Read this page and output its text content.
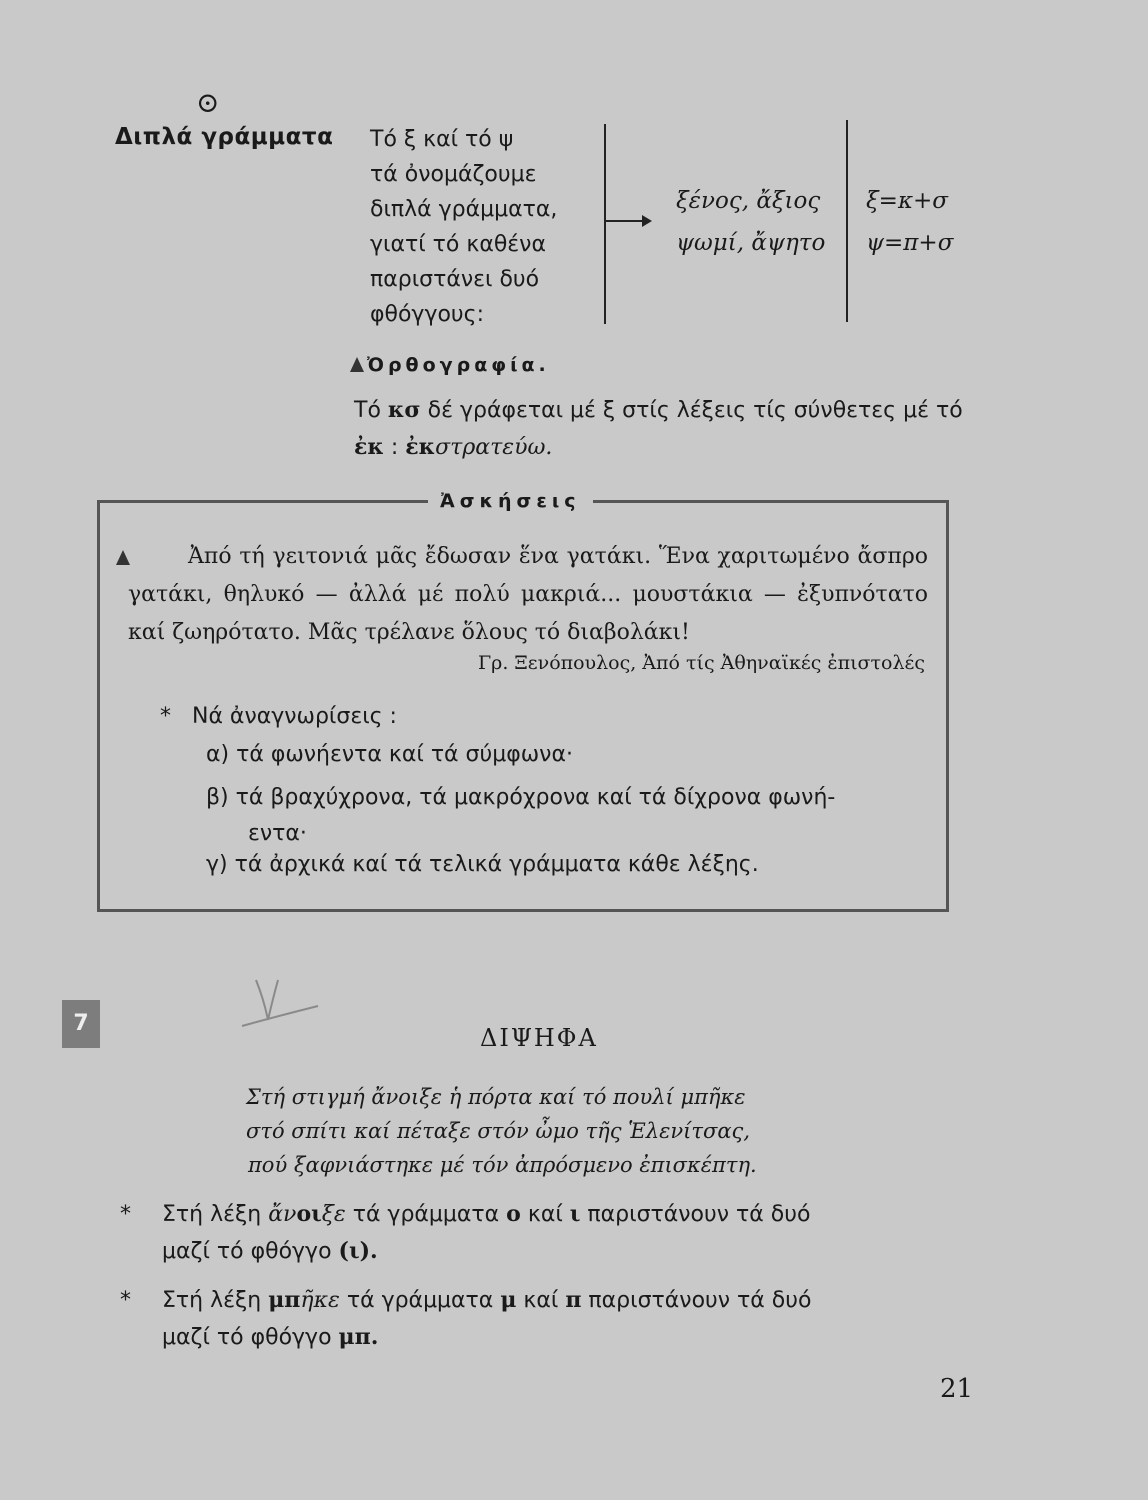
⊙
Διπλά γράμματα Τό ξ καί τό ψ
τά ὀνομάζουμε
διπλά γράμματα,
γιατί τό καθένα
παριστάνει δυό
φθόγγους:
ξένος, ἄξιος
ψωμί, ἄψητο
ξ=κ+σ
ψ=π+σ
Ὀρθογραφία.
Τό κσ δέ γράφεται μέ ξ στίς λέξεις τίς σύνθετες μέ τό ἐκ : ἐκστρατεύω.
Ἀσκήσεις
Ἀπό τή γειτονιά μᾶς ἔδωσαν ἕνα γατάκι. Ἕνα χαριτωμένο ἄσπρο γατάκι, θηλυκό — ἀλλά μέ πολύ μακριά... μουστάκια — ἐξυπνότατο καί ζωηρότατο. Μᾶς τρέλανε ὅλους τό διαβολάκι!
Γρ. Ξενόπουλος, Ἀπό τίς Ἀθηναϊκές ἐπιστολές
* Νά ἀναγνωρίσεις :
α) τά φωνήεντα καί τά σύμφωνα·
β) τά βραχύχρονα, τά μακρόχρονα καί τά δίχρονα φωνή-
εντα·
γ) τά ἀρχικά καί τά τελικά γράμματα κάθε λέξης.
7
ΔΙΨΗΦΑ
Στή στιγμή ἄνοιξε ἡ πόρτα καί τό πουλί μπῆκε
στό σπίτι καί πέταξε στόν ὦμο τῆς Ἑλενίτσας,
πού ξαφνιάστηκε μέ τόν ἀπρόσμενο ἐπισκέπτη.
* Στή λέξη ἄνοιξε τά γράμματα ο καί ι παριστάνουν τά δυό
μαζί τό φθόγγο (ι).
* Στή λέξη μπῆκε τά γράμματα μ καί π παριστάνουν τά δυό
μαζί τό φθόγγο μπ.
21
